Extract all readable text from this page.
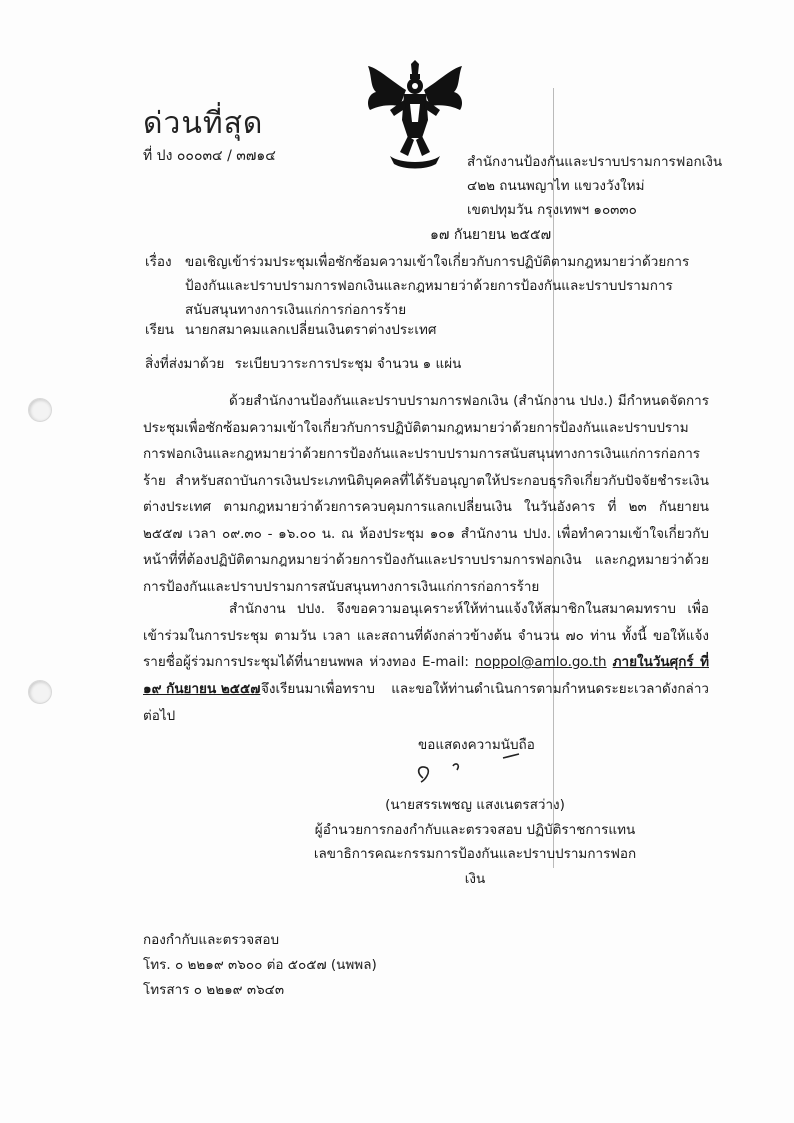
ด่วนที่สุด
ที่ ปง ๐๐๐๓๔ / ๓๗๑๔	สำนักงานป้องกันและปราบปรามการฟอกเงิน
๔๒๒ ถนนพญาไท แขวงวังใหม่
เขตปทุมวัน กรุงเทพฯ ๑๐๓๓๐
๑๗ กันยายน ๒๕๕๗
เรื่อง ขอเชิญเข้าร่วมประชุมเพื่อซักซ้อมความเข้าใจเกี่ยวกับการปฏิบัติตามกฎหมายว่าด้วยการป้องกันและปราบปรามการฟอกเงินและกฎหมายว่าด้วยการป้องกันและปราบปรามการสนับสนุนทางการเงินแก่การก่อการร้าย
เรียน นายกสมาคมแลกเปลี่ยนเงินตราต่างประเทศ
สิ่งที่ส่งมาด้วย ระเบียบวาระการประชุม จำนวน ๑ แผ่น
ด้วยสำนักงานป้องกันและปราบปรามการฟอกเงิน (สำนักงาน ปปง.) มีกำหนดจัดการประชุมเพื่อซักซ้อมความเข้าใจเกี่ยวกับการปฏิบัติตามกฎหมายว่าด้วยการป้องกันและปราบปรามการฟอกเงินและกฎหมายว่าด้วยการป้องกันและปราบปรามการสนับสนุนทางการเงินแก่การก่อการร้าย สำหรับสถาบันการเงินประเภทนิติบุคคลที่ได้รับอนุญาตให้ประกอบธุรกิจเกี่ยวกับปัจจัยชำระเงินต่างประเทศ ตามกฎหมายว่าด้วยการควบคุมการแลกเปลี่ยนเงิน ในวันอังคาร ที่ ๒๓ กันยายน ๒๕๕๗ เวลา ๐๙.๓๐ - ๑๖.๐๐ น. ณ ห้องประชุม ๑๐๑ สำนักงาน ปปง. เพื่อทำความเข้าใจเกี่ยวกับหน้าที่ที่ต้องปฏิบัติตามกฎหมายว่าด้วยการป้องกันและปราบปรามการฟอกเงิน และกฎหมายว่าด้วยการป้องกันและปราบปรามการสนับสนุนทางการเงินแก่การก่อการร้าย
สำนักงาน ปปง. จึงขอความอนุเคราะห์ให้ท่านแจ้งให้สมาชิกในสมาคมทราบ เพื่อเข้าร่วมในการประชุม ตามวัน เวลา และสถานที่ดังกล่าวข้างต้น จำนวน ๗๐ ท่าน ทั้งนี้ ขอให้แจ้งรายชื่อผู้ร่วมการประชุมได้ที่นายนพพล ห่วงทอง E-mail: noppol@amlo.go.th ภายในวันศุกร์ ที่ ๑๙ กันยายน ๒๕๕๗ จึงเรียนมาเพื่อทราบ และขอให้ท่านดำเนินการตามกำหนดระยะเวลาดังกล่าวต่อไป
ขอแสดงความนับถือ
(นายสรรเพชญ แสงเนตรสว่าง)
ผู้อำนวยการกองกำกับและตรวจสอบ ปฏิบัติราชการแทน
เลขาธิการคณะกรรมการป้องกันและปราบปรามการฟอกเงิน
กองกำกับและตรวจสอบ
โทร. ๐ ๒๒๑๙ ๓๖๐๐ ต่อ ๕๐๕๗ (นพพล)
โทรสาร ๐ ๒๒๑๙ ๓๖๔๓
